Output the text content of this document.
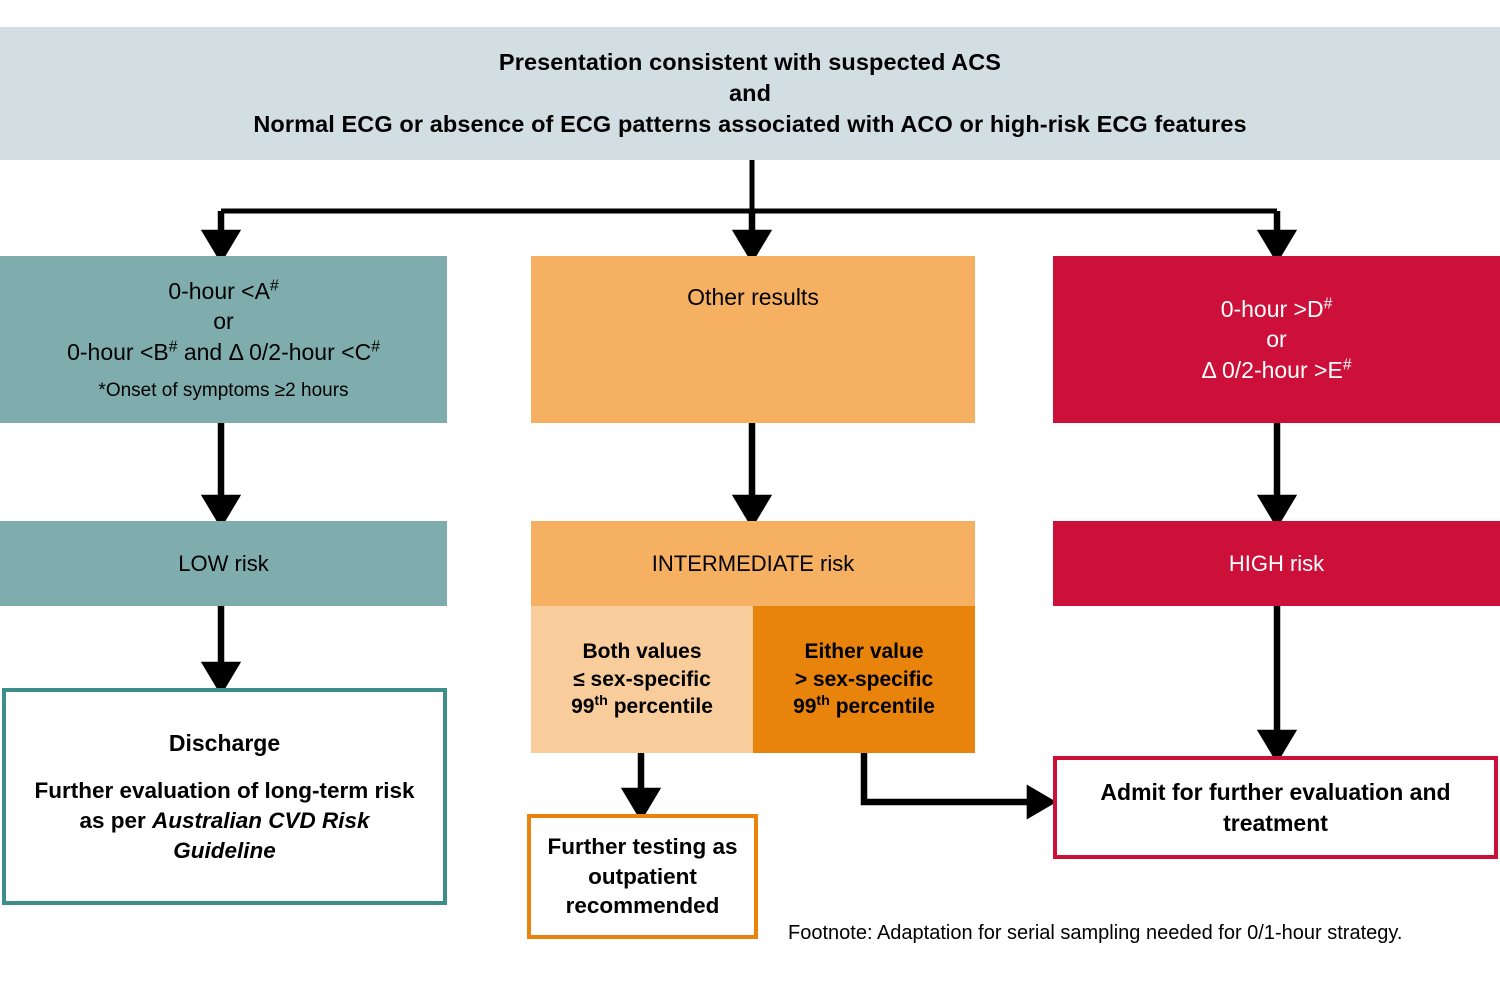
Presentation consistent with suspected ACS
and
Normal ECG or absence of ECG patterns associated with ACO or high-risk ECG features
0-hour <A#
or
0-hour <B# and Δ 0/2-hour <C#
*Onset of symptoms ≥2 hours
LOW risk
Discharge
Further evaluation of long-term risk as per Australian CVD Risk Guideline
Other results
INTERMEDIATE risk
Both values
≤ sex-specific
99th percentile
Either value
> sex-specific
99th percentile
Further testing as outpatient recommended
0-hour >D#
or
Δ 0/2-hour >E#
HIGH risk
Admit for further evaluation and treatment
Footnote: Adaptation for serial sampling needed for 0/1-hour strategy.
